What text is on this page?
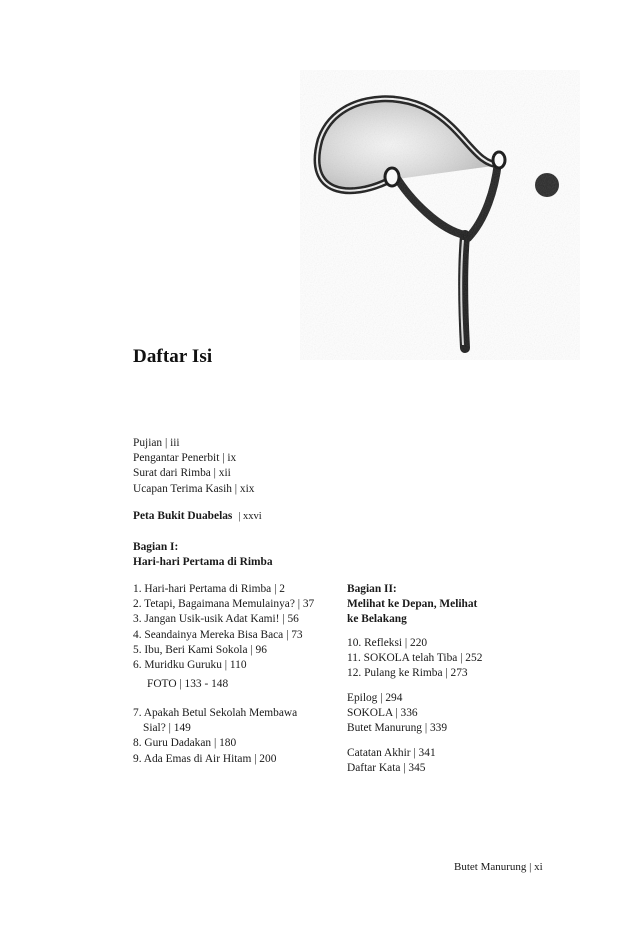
Daftar Isi
Pujian | iii
Pengantar Penerbit | ix
Surat dari Rimba | xii
Ucapan Terima Kasih | xix
Peta Bukit Duabelas | xxvi
Bagian I:
Hari-hari Pertama di Rimba
1. Hari-hari Pertama di Rimba | 2
2. Tetapi, Bagaimana Memulainya? | 37
3. Jangan Usik-usik Adat Kami! | 56
4. Seandainya Mereka Bisa Baca | 73
5. Ibu, Beri Kami Sokola | 96
6. Muridku Guruku | 110
FOTO | 133 - 148
7. Apakah Betul Sekolah Membawa
Sial? | 149
8. Guru Dadakan | 180
9. Ada Emas di Air Hitam | 200
Bagian II:
Melihat ke Depan, Melihat
ke Belakang
10. Refleksi | 220
11. SOKOLA telah Tiba | 252
12. Pulang ke Rimba | 273
Epilog | 294
SOKOLA | 336
Butet Manurung | 339
Catatan Akhir | 341
Daftar Kata | 345
Butet Manurung | xi
